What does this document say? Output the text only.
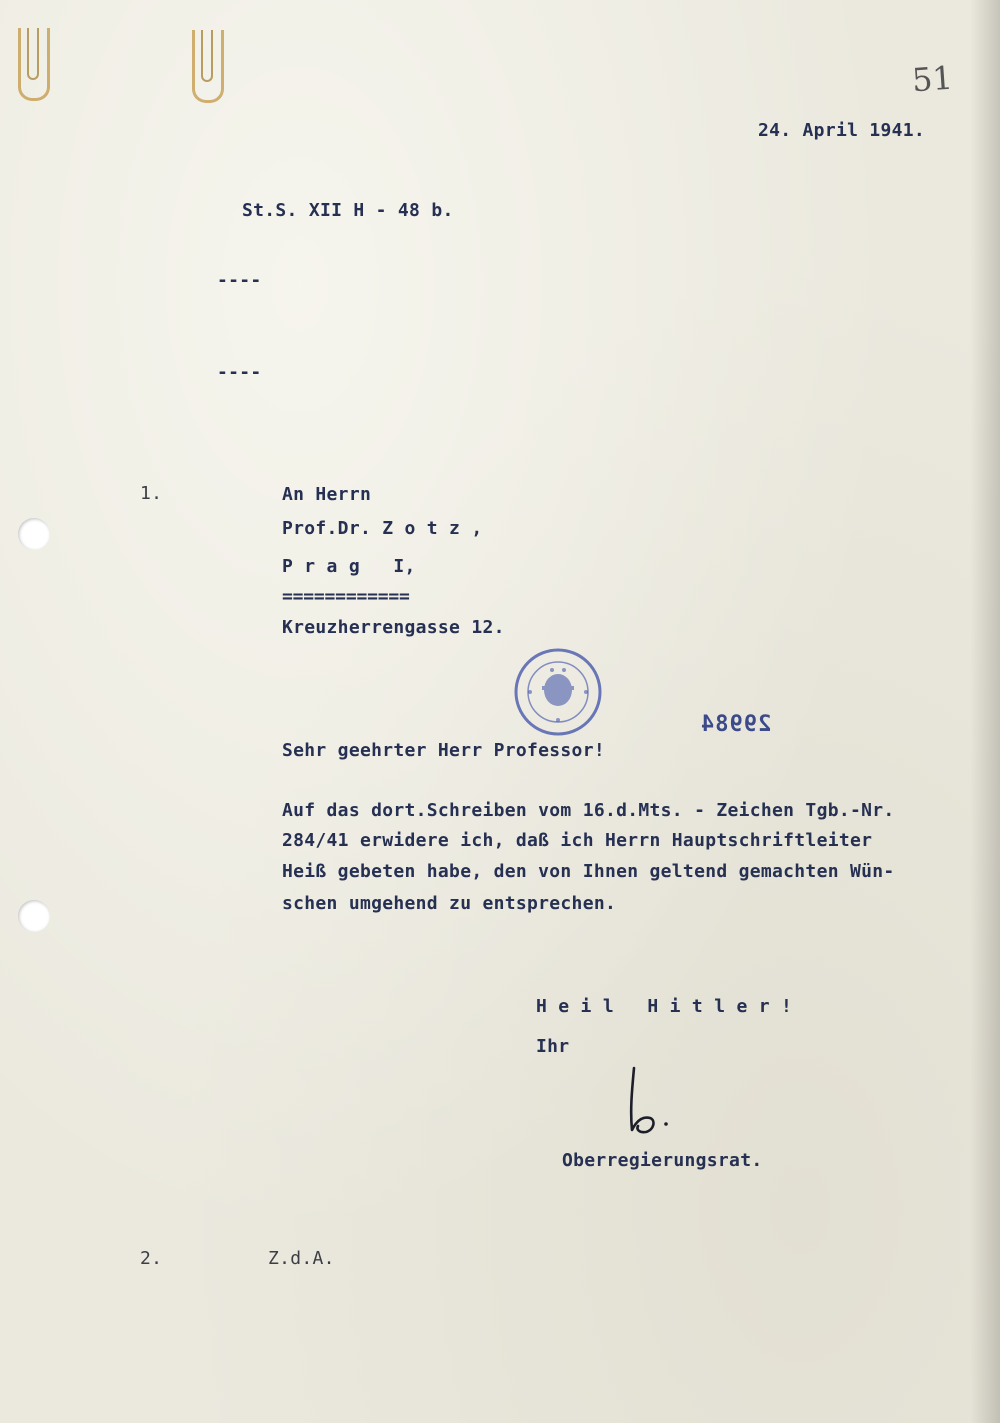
51
24. April 1941.
St.S. XII H - 48 b.
----
----
1.	An Herrn
Prof.Dr. Z o t z ,
P r a g   I,
============
Kreuzherrengasse 12.
29984
Sehr geehrter Herr Professor!
Auf das dort.Schreiben vom 16.d.Mts. - Zeichen Tgb.-Nr.
284/41 erwidere ich, daß ich Herrn Hauptschriftleiter
Heiß gebeten habe, den von Ihnen geltend gemachten Wün-
schen umgehend zu entsprechen.
H e i l   H i t l e r !
Ihr
Oberregierungsrat.
2.	Z.d.A.
